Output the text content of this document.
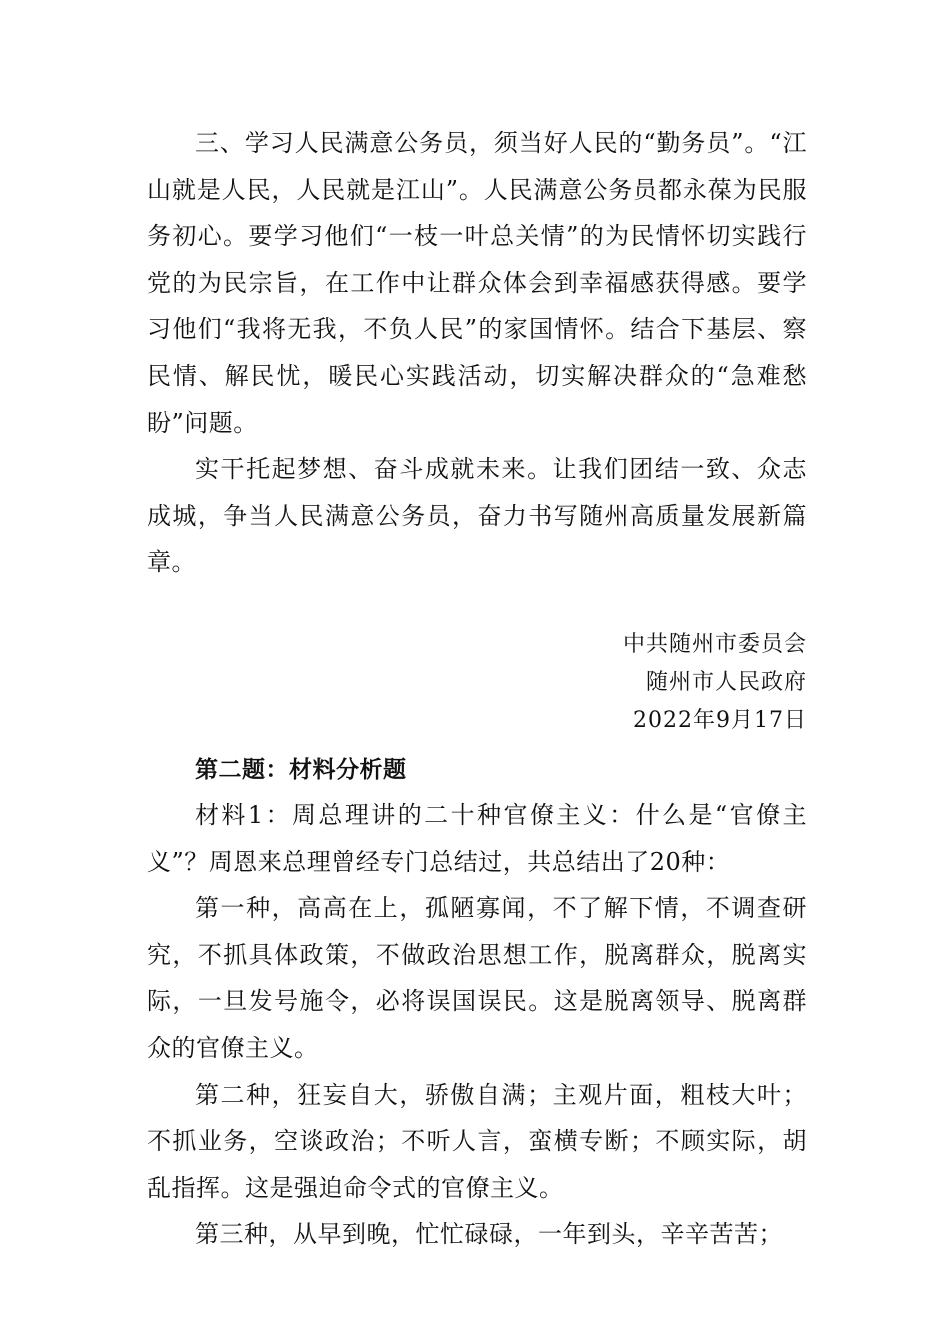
三、学习人民满意公务员，须当好人民的“勤务员”。“江山就是人民，人民就是江山”。人民满意公务员都永葆为民服务初心。要学习他们“一枝一叶总关情”的为民情怀切实践行党的为民宗旨，在工作中让群众体会到幸福感获得感。要学习他们“我将无我，不负人民”的家国情怀。结合下基层、察民情、解民忧，暖民心实践活动，切实解决群众的“急难愁盼”问题。

实干托起梦想、奋斗成就未来。让我们团结一致、众志成城，争当人民满意公务员，奋力书写随州高质量发展新篇章。

中共随州市委员会
随州市人民政府
2022年9月17日
第二题：材料分析题

材料1：周总理讲的二十种官僚主义：什么是“官僚主义”？周恩来总理曾经专门总结过，共总结出了20种：

第一种，高高在上，孤陋寡闻，不了解下情，不调查研究，不抓具体政策，不做政治思想工作，脱离群众，脱离实际，一旦发号施令，必将误国误民。这是脱离领导、脱离群众的官僚主义。

第二种，狂妄自大，骄傲自满；主观片面，粗枝大叶；不抓业务，空谈政治；不听人言，蛮横专断；不顾实际，胡乱指挥。这是强迫命令式的官僚主义。

第三种，从早到晚，忙忙碌碌，一年到头，辛辛苦苦；
